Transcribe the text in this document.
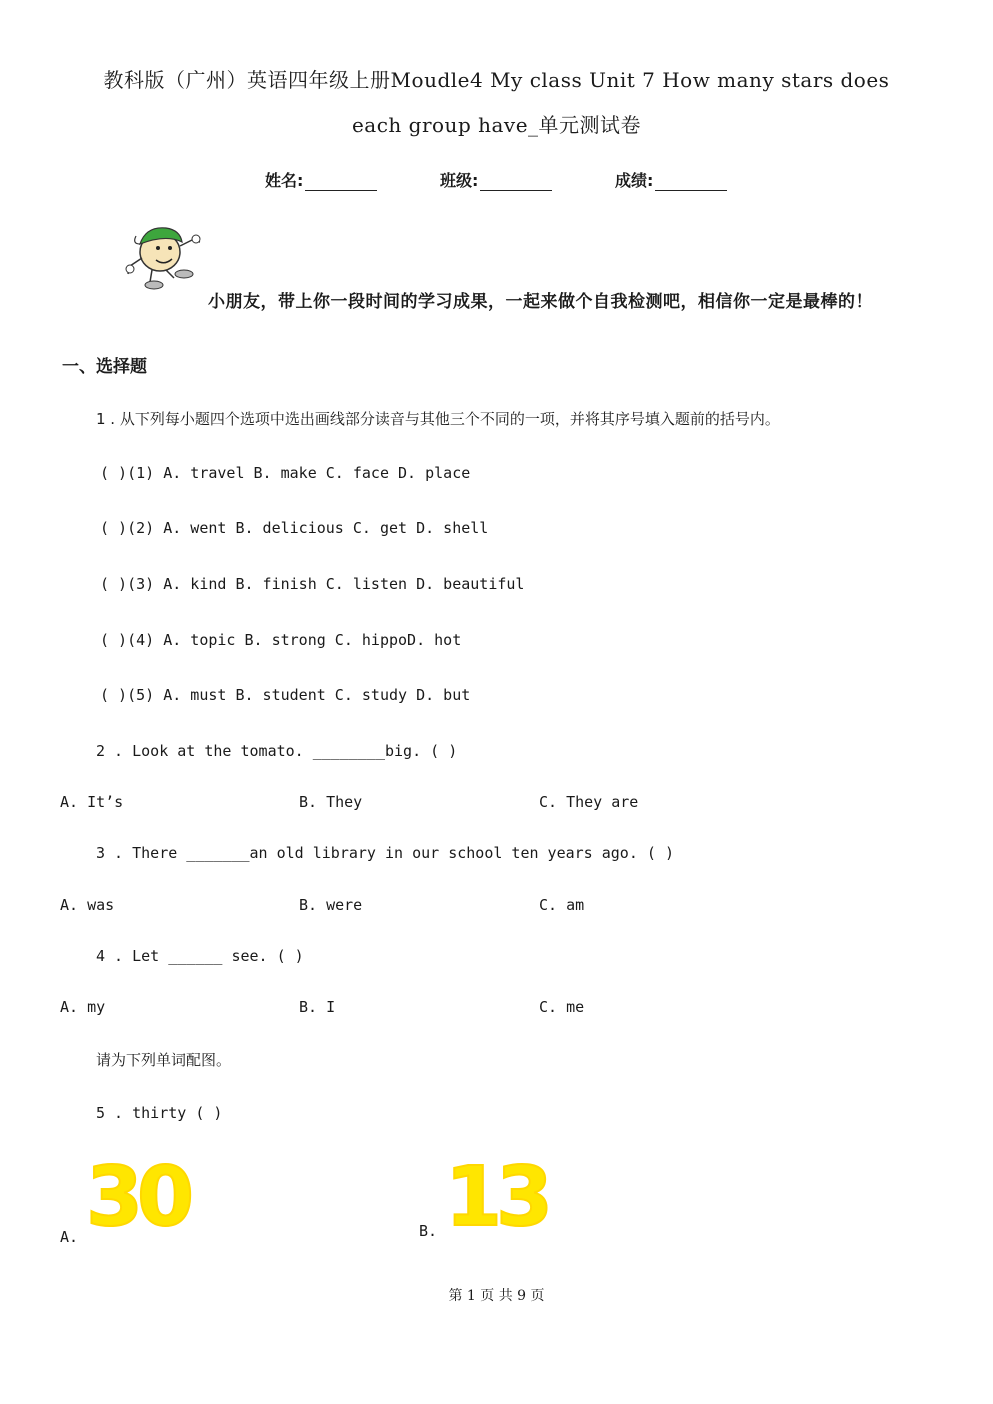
教科版（广州）英语四年级上册Moudle4 My class Unit 7 How many stars does
each group have_单元测试卷
姓名:	班级:	成绩:
小朋友，带上你一段时间的学习成果，一起来做个自我检测吧，相信你一定是最棒的！
一、选择题
1 . 从下列每小题四个选项中选出画线部分读音与其他三个不同的一项，并将其序号填入题前的括号内。
( )(1) A. travel B. make C. face D. place
( )(2) A. went B. delicious C. get D. shell
( )(3) A. kind B. finish C. listen D. beautiful
( )(4) A. topic B. strong C. hippoD. hot
( )(5) A. must B. student C. study D. but
2 . Look at the tomato. ________big. ( )
A. It’s	B. They	C. They are
3 . There _______an old library in our school ten years ago. ( )
A. was	B. were	C. am
4 . Let ______ see. ( )
A. my	B. I	C. me
请为下列单词配图。
5 . thirty ( )
A. 30	B. 13
第 1 页 共 9 页
